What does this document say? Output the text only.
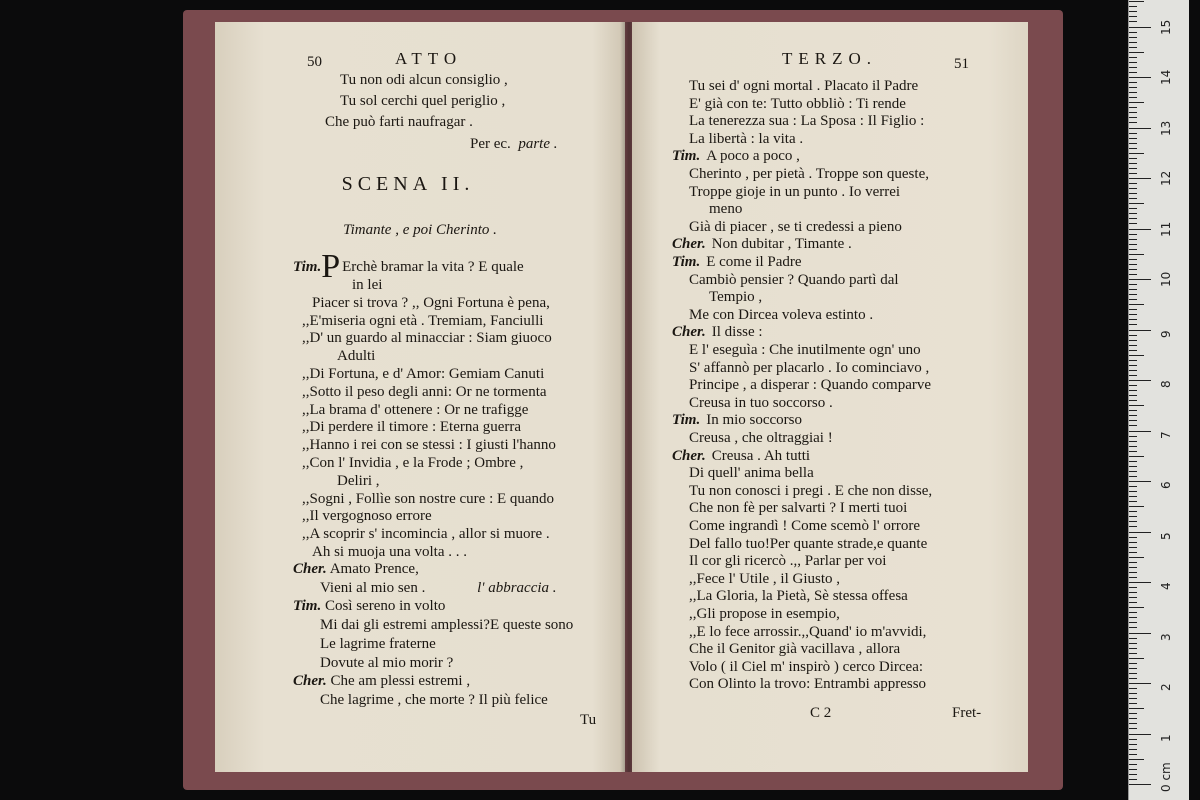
50	ATTO
Tu non odi alcun consiglio ,
Tu sol cerchi quel periglio ,
Che può farti naufragar .
Per ec. parte .
SCENA II.
Timante , e poi Cherinto .
Tim.P Erchè bramar la vita ? E quale
Cher. Amato Prence,
Vieni al mio sen .	l' abbraccia .
Tim. Così sereno in volto
Mi dai gli estremi amplessi?E queste sono
Le lagrime fraterne
Dovute al mio morir ?
Cher. Che am plessi estremi ,
Che lagrime , che morte ? Il più felice
Tu
in lei
Piacer si trova ? ,, Ogni Fortuna è pena,
,,E'miseria ogni età . Tremiam, Fanciulli
,,D' un guardo al minacciar : Siam giuoco
Adulti
,,Di Fortuna, e d' Amor: Gemiam Canuti
,,Sotto il peso degli anni: Or ne tormenta
,,La brama d' ottenere : Or ne trafigge
,,Di perdere il timore : Eterna guerra
,,Hanno i rei con se stessi : I giusti l'hanno
,,Con l' Invidia , e la Frode ; Ombre ,
Deliri ,
,,Sogni , Follìe son nostre cure : E quando
,,Il vergognoso errore
,,A scoprir s' incomincia , allor si muore .
Ah si muoja una volta . . .
TERZO.	51
C 2	Fret-
Tu sei d' ogni mortal . Placato il Padre
E' già con te: Tutto obbliò : Ti rende
La tenerezza sua : La Sposa : Il Figlio :
La libertà : la vita .
Tim. A poco a poco ,
Cherinto , per pietà . Troppe son queste,
Troppe gioje in un punto . Io verrei
meno
Già di piacer , se ti credessi a pieno
Cher. Non dubitar , Timante .
Tim. E come il Padre
Cambiò pensier ? Quando partì dal
Tempio ,
Me con Dircea voleva estinto .
Cher. Il disse :
E l' eseguìa : Che inutilmente ogn' uno
S' affannò per placarlo . Io cominciavo ,
Principe , a disperar : Quando comparve
Creusa in tuo soccorso .
Tim. In mio soccorso
Creusa , che oltraggiai !
Cher. Creusa . Ah tutti
Di quell' anima bella
Tu non conosci i pregi . E che non disse,
Che non fè per salvarti ? I merti tuoi
Come ingrandì ! Come scemò l' orrore
Del fallo tuo!Per quante strade,e quante
Il cor gli ricercò .,, Parlar per voi
,,Fece l' Utile , il Giusto ,
,,La Gloria, la Pietà, Sè stessa offesa
,,Gli propose in esempio,
,,E lo fece arrossir.,,Quand' io m'avvidi,
Che il Genitor già vacillava , allora
Volo ( il Ciel m' inspirò ) cerco Dircea:
Con Olinto la trovo: Entrambi appresso
0 cm
1
2
3
4
5
6
7
8
9
10
11
12
13
14
15
